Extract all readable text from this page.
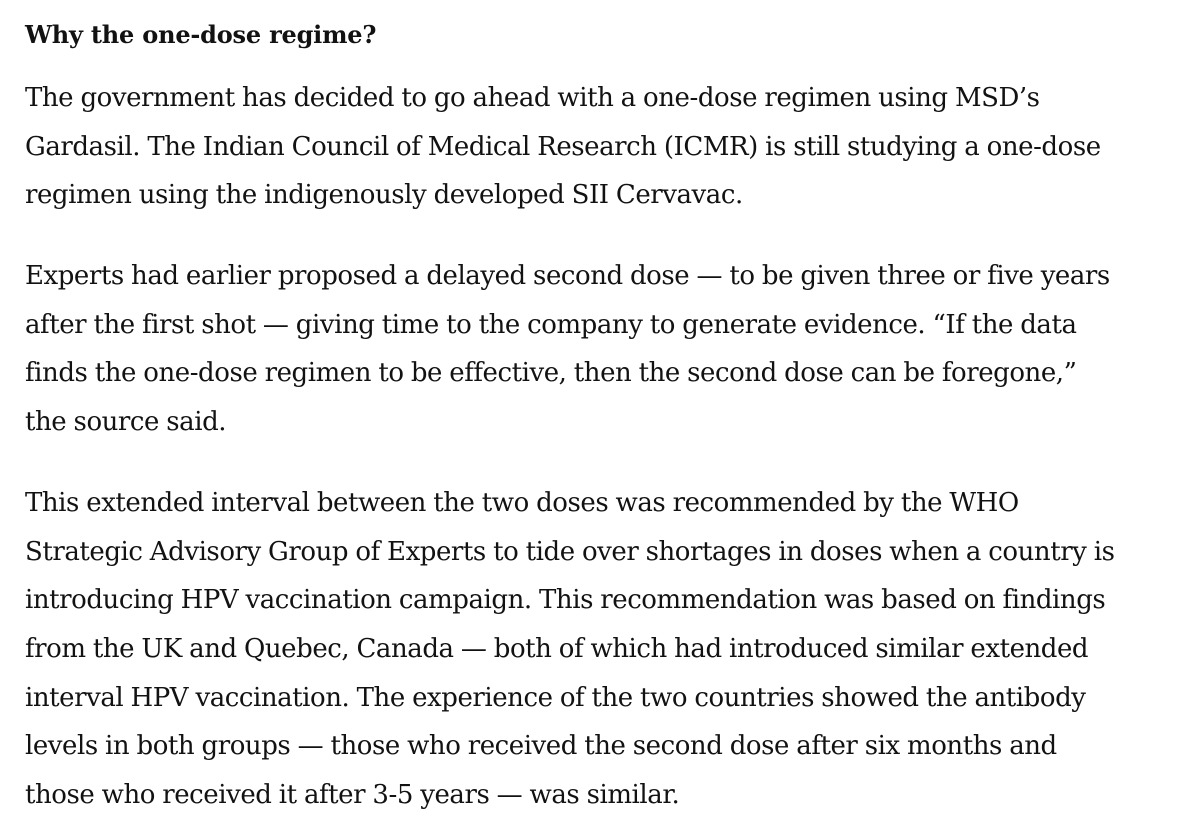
Why the one-dose regime?

The government has decided to go ahead with a one-dose regimen using MSD’s
Gardasil. The Indian Council of Medical Research (ICMR) is still studying a one-dose
regimen using the indigenously developed SII Cervavac.

Experts had earlier proposed a delayed second dose — to be given three or five years
after the first shot — giving time to the company to generate evidence. “If the data
finds the one-dose regimen to be effective, then the second dose can be foregone,”
the source said.

This extended interval between the two doses was recommended by the WHO
Strategic Advisory Group of Experts to tide over shortages in doses when a country is
introducing HPV vaccination campaign. This recommendation was based on findings
from the UK and Quebec, Canada — both of which had introduced similar extended
interval HPV vaccination. The experience of the two countries showed the antibody
levels in both groups — those who received the second dose after six months and
those who received it after 3-5 years — was similar.
